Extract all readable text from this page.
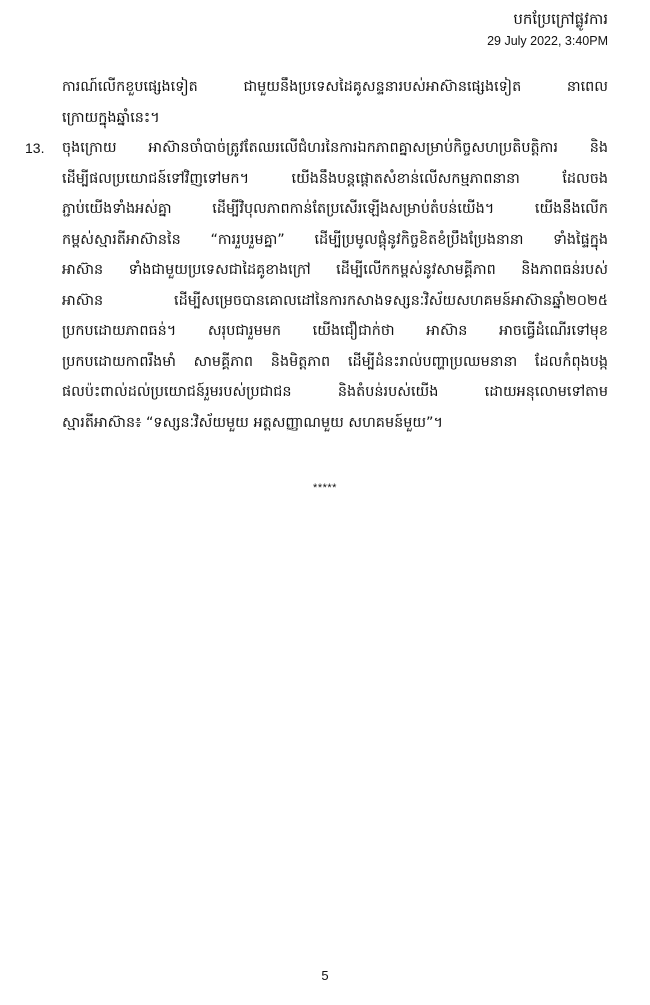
បកប្រែក្រៅផ្លូវការ
29 July 2022, 3:40PM
ការណ៍លើកខួបផ្សេងទៀត ជាមួយនឹងប្រទេសដៃគូសន្ទនារបស់អាស៊ានផ្សេងទៀត នាពេល
ក្រោយក្នុងឆ្នាំនេះ។
13. ចុងក្រោយ អាស៊ានចាំបាច់ត្រូវតែឈរលើជំហរនៃការឯកភាពគ្នាសម្រាប់កិច្ចសហប្រតិបត្តិការ និង
ដើម្បីផលប្រយោជន៍ទៅវិញទៅមក។ យើងនឹងបន្តផ្តោតសំខាន់លើសកម្មភាពនានា ដែលចង
ភ្ជាប់យើងទាំងអស់គ្នា ដើម្បីវិបុលភាពកាន់តែប្រសើរឡើងសម្រាប់តំបន់យើង។ យើងនឹងលើក
កម្ពស់ស្មារតីអាស៊ាននៃ “ការរួបរួមគ្នា” ដើម្បីប្រមូលផ្តុំនូវកិច្ចខិតខំប្រឹងប្រែងនានា ទាំងផ្ទៃក្នុង
អាស៊ាន ទាំងជាមួយប្រទេសជាដៃគូខាងក្រៅ ដើម្បីលើកកម្ពស់នូវសាមគ្គីភាព និងភាពធន់របស់
អាស៊ាន ដើម្បីសម្រេចបានគោលដៅនៃការកសាងទស្សនៈវិស័យសហគមន៍អាស៊ានឆ្នាំ២០២៥
ប្រកបដោយភាពធន់។ សរុបជារួមមក យើងជឿជាក់ថា អាស៊ាន អាចធ្វើដំណើរទៅមុខ
ប្រកបដោយកាពរឹងមាំ សាមគ្គីភាព និងមិត្តភាព ដើម្បីដំនះរាល់បញ្ហាប្រឈមនានា ដែលកំពុងបង្ក
ផលប៉ះពាល់ដល់ប្រយោជន៍រួមរបស់ប្រជាជន និងតំបន់របស់យើង ដោយអនុលោមទៅតាម
ស្មារតីអាស៊ាន៖ “ទស្សនៈវិស័យមួយ អត្តសញ្ញាណមួយ សហគមន៍មួយ”។
*****
5
